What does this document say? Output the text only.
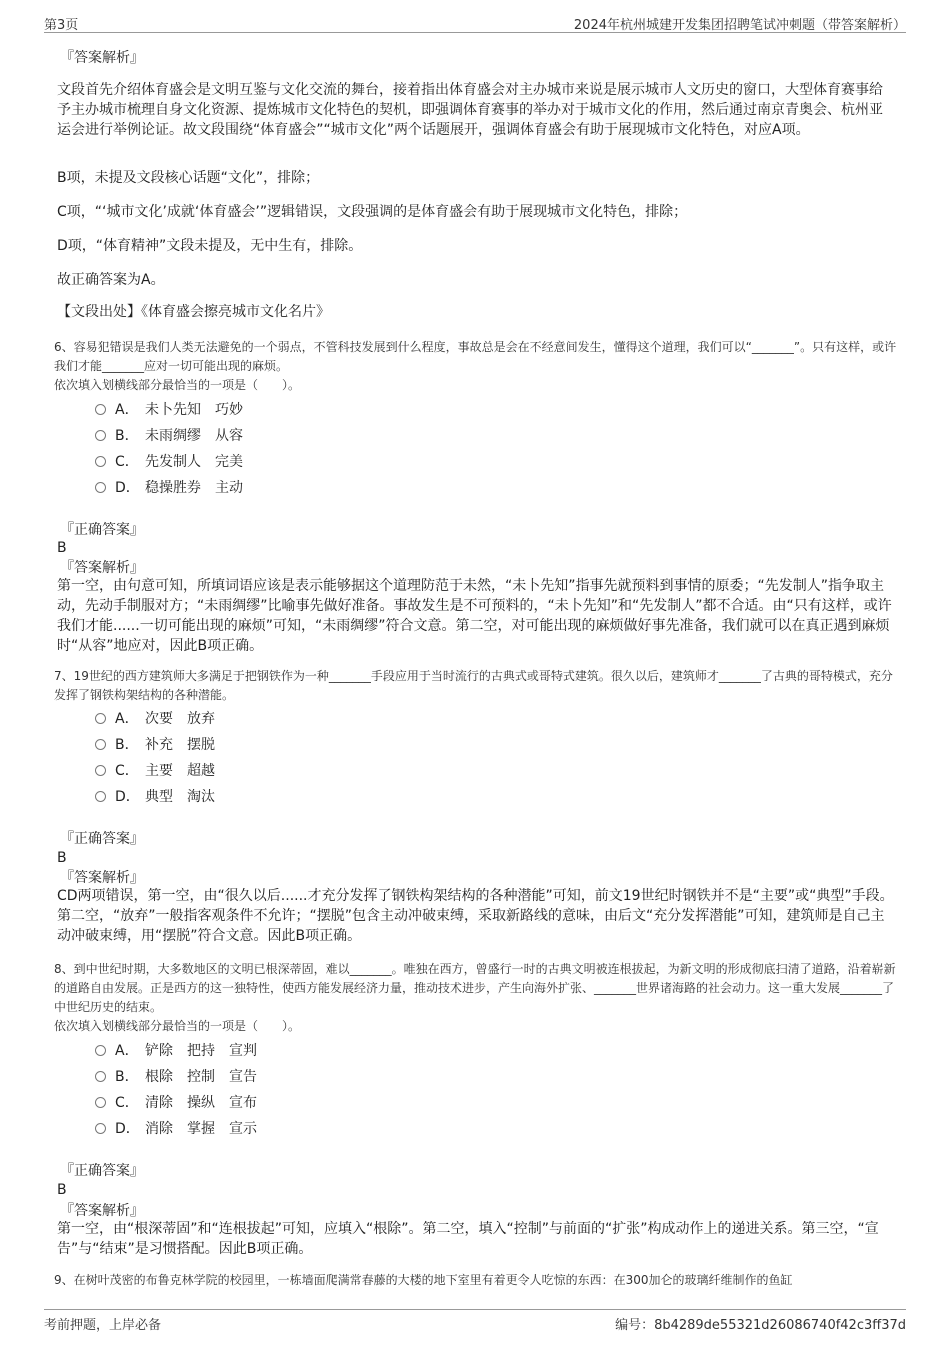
第3页	2024年杭州城建开发集团招聘笔试冲刺题（带答案解析）
『答案解析』
文段首先介绍体育盛会是文明互鉴与文化交流的舞台，接着指出体育盛会对主办城市来说是展示城市人文历史的窗口，大型体育赛事给予主办城市梳理自身文化资源、提炼城市文化特色的契机，即强调体育赛事的举办对于城市文化的作用，然后通过南京青奥会、杭州亚运会进行举例论证。故文段围绕“体育盛会”“城市文化”两个话题展开，强调体育盛会有助于展现城市文化特色，对应A项。
B项，未提及文段核心话题“文化”，排除；
C项，“‘城市文化’成就‘体育盛会’”逻辑错误，文段强调的是体育盛会有助于展现城市文化特色，排除；
D项，“体育精神”文段未提及，无中生有，排除。
故正确答案为A。
【文段出处】《体育盛会擦亮城市文化名片》
6、容易犯错误是我们人类无法避免的一个弱点，不管科技发展到什么程度，事故总是会在不经意间发生，懂得这个道理，我们可以“_______”。只有这样，或许我们才能_______应对一切可能出现的麻烦。
依次填入划横线部分最恰当的一项是（　　）。
A． 未卜先知 巧妙
B． 未雨绸缪 从容
C． 先发制人 完美
D． 稳操胜券 主动
『正确答案』
B
『答案解析』
第一空，由句意可知，所填词语应该是表示能够据这个道理防范于未然，“未卜先知”指事先就预料到事情的原委；“先发制人”指争取主动，先动手制服对方；“未雨绸缪”比喻事先做好准备。事故发生是不可预料的，“未卜先知”和“先发制人”都不合适。由“只有这样，或许我们才能......一切可能出现的麻烦”可知，“未雨绸缪”符合文意。第二空，对可能出现的麻烦做好事先准备，我们就可以在真正遇到麻烦时“从容”地应对，因此B项正确。
7、19世纪的西方建筑师大多满足于把钢铁作为一种_______手段应用于当时流行的古典式或哥特式建筑。很久以后，建筑师才_______了古典的哥特模式，充分发挥了钢铁构架结构的各种潜能。
A． 次要 放弃
B． 补充 摆脱
C． 主要 超越
D． 典型 淘汰
『正确答案』
B
『答案解析』
CD两项错误，第一空，由“很久以后......才充分发挥了钢铁构架结构的各种潜能”可知，前文19世纪时钢铁并不是“主要”或“典型”手段。第二空，“放弃”一般指客观条件不允许；“摆脱”包含主动冲破束缚，采取新路线的意味，由后文“充分发挥潜能”可知，建筑师是自己主动冲破束缚，用“摆脱”符合文意。因此B项正确。
8、到中世纪时期，大多数地区的文明已根深蒂固，难以_______。唯独在西方，曾盛行一时的古典文明被连根拔起，为新文明的形成彻底扫清了道路，沿着崭新的道路自由发展。正是西方的这一独特性，使西方能发展经济力量，推动技术进步，产生向海外扩张、_______世界诸海路的社会动力。这一重大发展_______了中世纪历史的结束。
依次填入划横线部分最恰当的一项是（　　）。
A． 铲除 把持 宣判
B． 根除 控制 宣告
C． 清除 操纵 宣布
D． 消除 掌握 宣示
『正确答案』
B
『答案解析』
第一空，由“根深蒂固”和“连根拔起”可知，应填入“根除”。第二空，填入“控制”与前面的“扩张”构成动作上的递进关系。第三空，“宣告”与“结束”是习惯搭配。因此B项正确。
9、在树叶茂密的布鲁克林学院的校园里，一栋墙面爬满常春藤的大楼的地下室里有着更令人吃惊的东西：在300加仑的玻璃纤维制作的鱼缸
考前押题，上岸必备	编号：8b4289de55321d26086740f42c3ff37d
